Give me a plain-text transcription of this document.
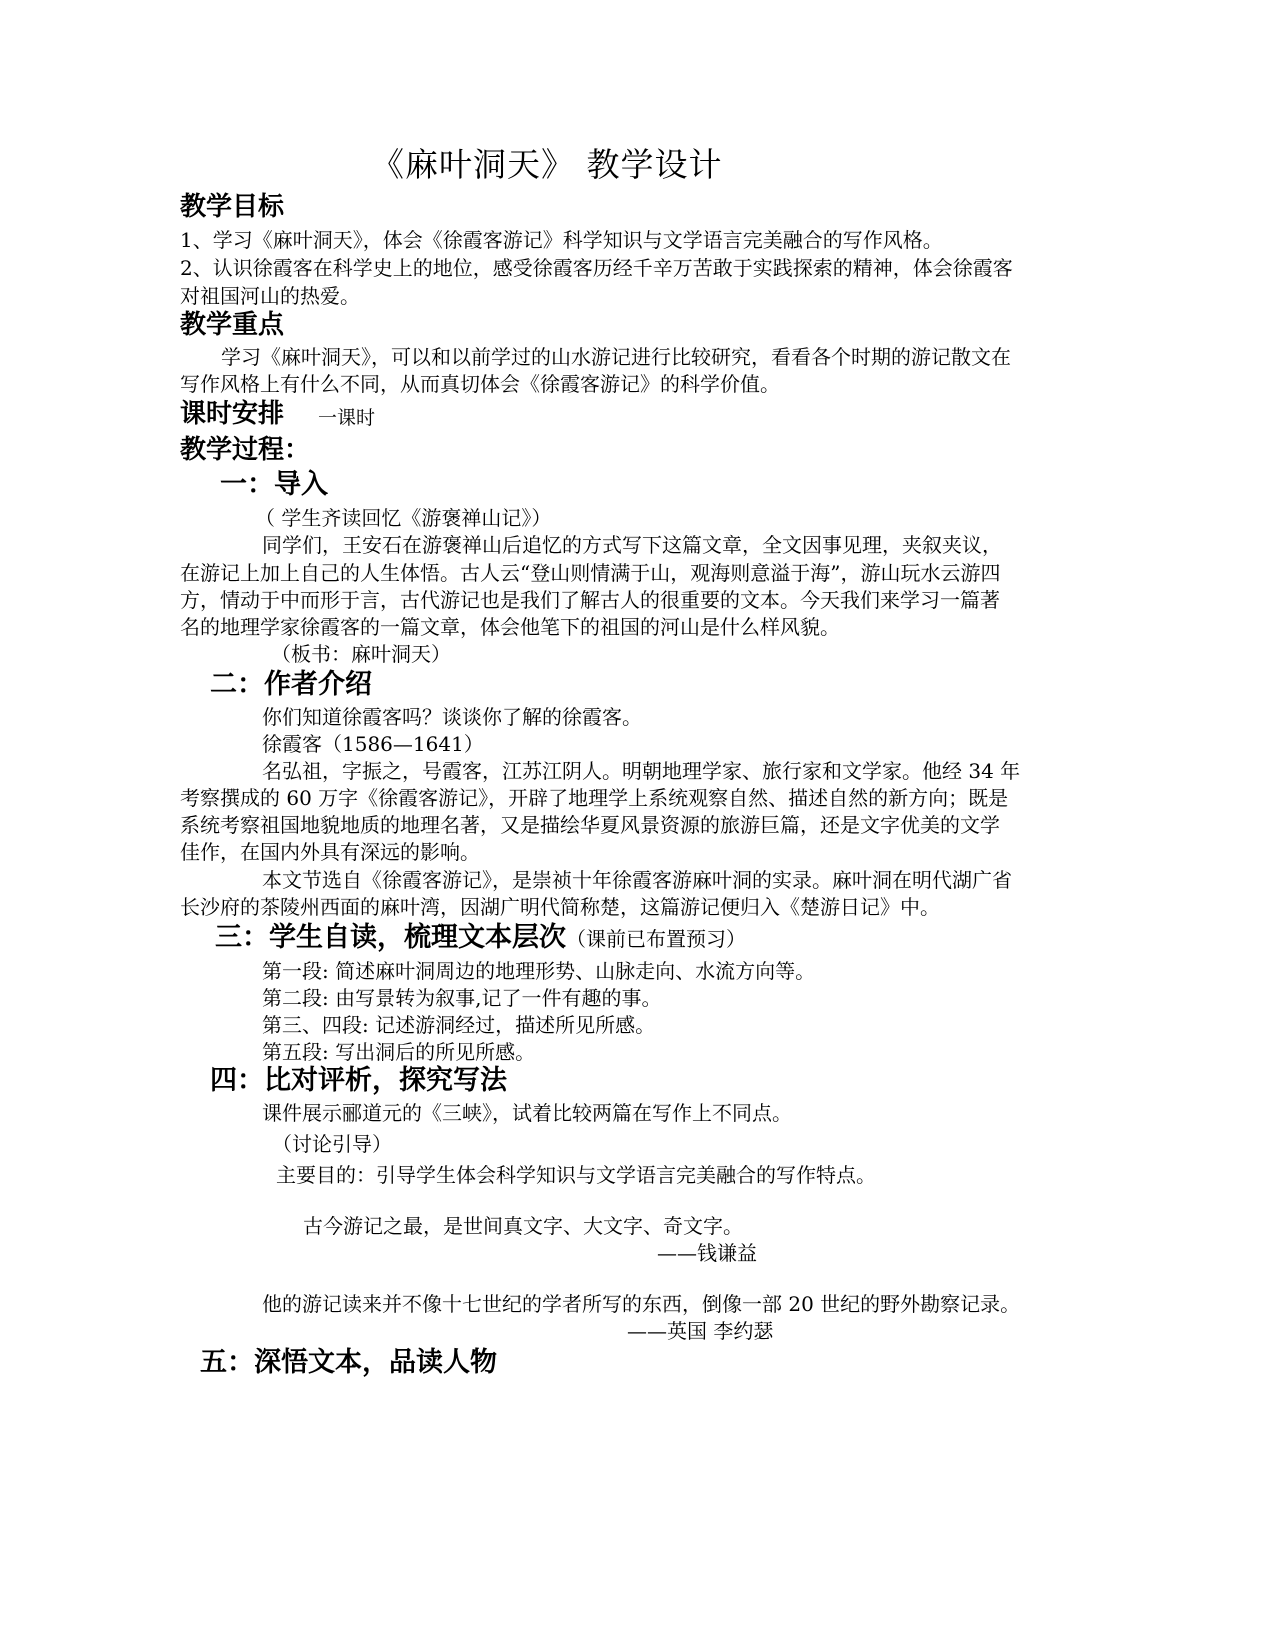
《麻叶洞天》 教学设计
教学目标
1、学习《麻叶洞天》，体会《徐霞客游记》科学知识与文学语言完美融合的写作风格。
2、认识徐霞客在科学史上的地位，感受徐霞客历经千辛万苦敢于实践探索的精神，体会徐霞客
对祖国河山的热爱。
教学重点
学习《麻叶洞天》，可以和以前学过的山水游记进行比较研究，看看各个时期的游记散文在
写作风格上有什么不同，从而真切体会《徐霞客游记》的科学价值。
课时安排 一课时
教学过程：
一：导入
（ 学生齐读回忆《游褒禅山记》）
同学们，王安石在游褒禅山后追忆的方式写下这篇文章，全文因事见理，夹叙夹议，
在游记上加上自己的人生体悟。古人云“登山则情满于山，观海则意溢于海”，游山玩水云游四
方，情动于中而形于言，古代游记也是我们了解古人的很重要的文本。今天我们来学习一篇著
名的地理学家徐霞客的一篇文章，体会他笔下的祖国的河山是什么样风貌。
（板书：麻叶洞天）
二：作者介绍
你们知道徐霞客吗？谈谈你了解的徐霞客。
徐霞客（1586—1641）
名弘祖，字振之，号霞客，江苏江阴人。明朝地理学家、旅行家和文学家。他经 34 年
考察撰成的 60 万字《徐霞客游记》，开辟了地理学上系统观察自然、描述自然的新方向；既是
系统考察祖国地貌地质的地理名著，又是描绘华夏风景资源的旅游巨篇，还是文字优美的文学
佳作，在国内外具有深远的影响。
本文节选自《徐霞客游记》，是崇祯十年徐霞客游麻叶洞的实录。麻叶洞在明代湖广省
长沙府的茶陵州西面的麻叶湾，因湖广明代简称楚，这篇游记便归入《楚游日记》中。
三：学生自读，梳理文本层次（课前已布置预习）
第一段: 简述麻叶洞周边的地理形势、山脉走向、水流方向等。
第二段: 由写景转为叙事,记了一件有趣的事。
第三、四段: 记述游洞经过，描述所见所感。
第五段: 写出洞后的所见所感。
四：比对评析，探究写法
课件展示郦道元的《三峡》，试着比较两篇在写作上不同点。
（讨论引导）
主要目的：引导学生体会科学知识与文学语言完美融合的写作特点。
古今游记之最，是世间真文字、大文字、奇文字。
——钱谦益
他的游记读来并不像十七世纪的学者所写的东西，倒像一部 20 世纪的野外勘察记录。
——英国 李约瑟
五：深悟文本，品读人物
